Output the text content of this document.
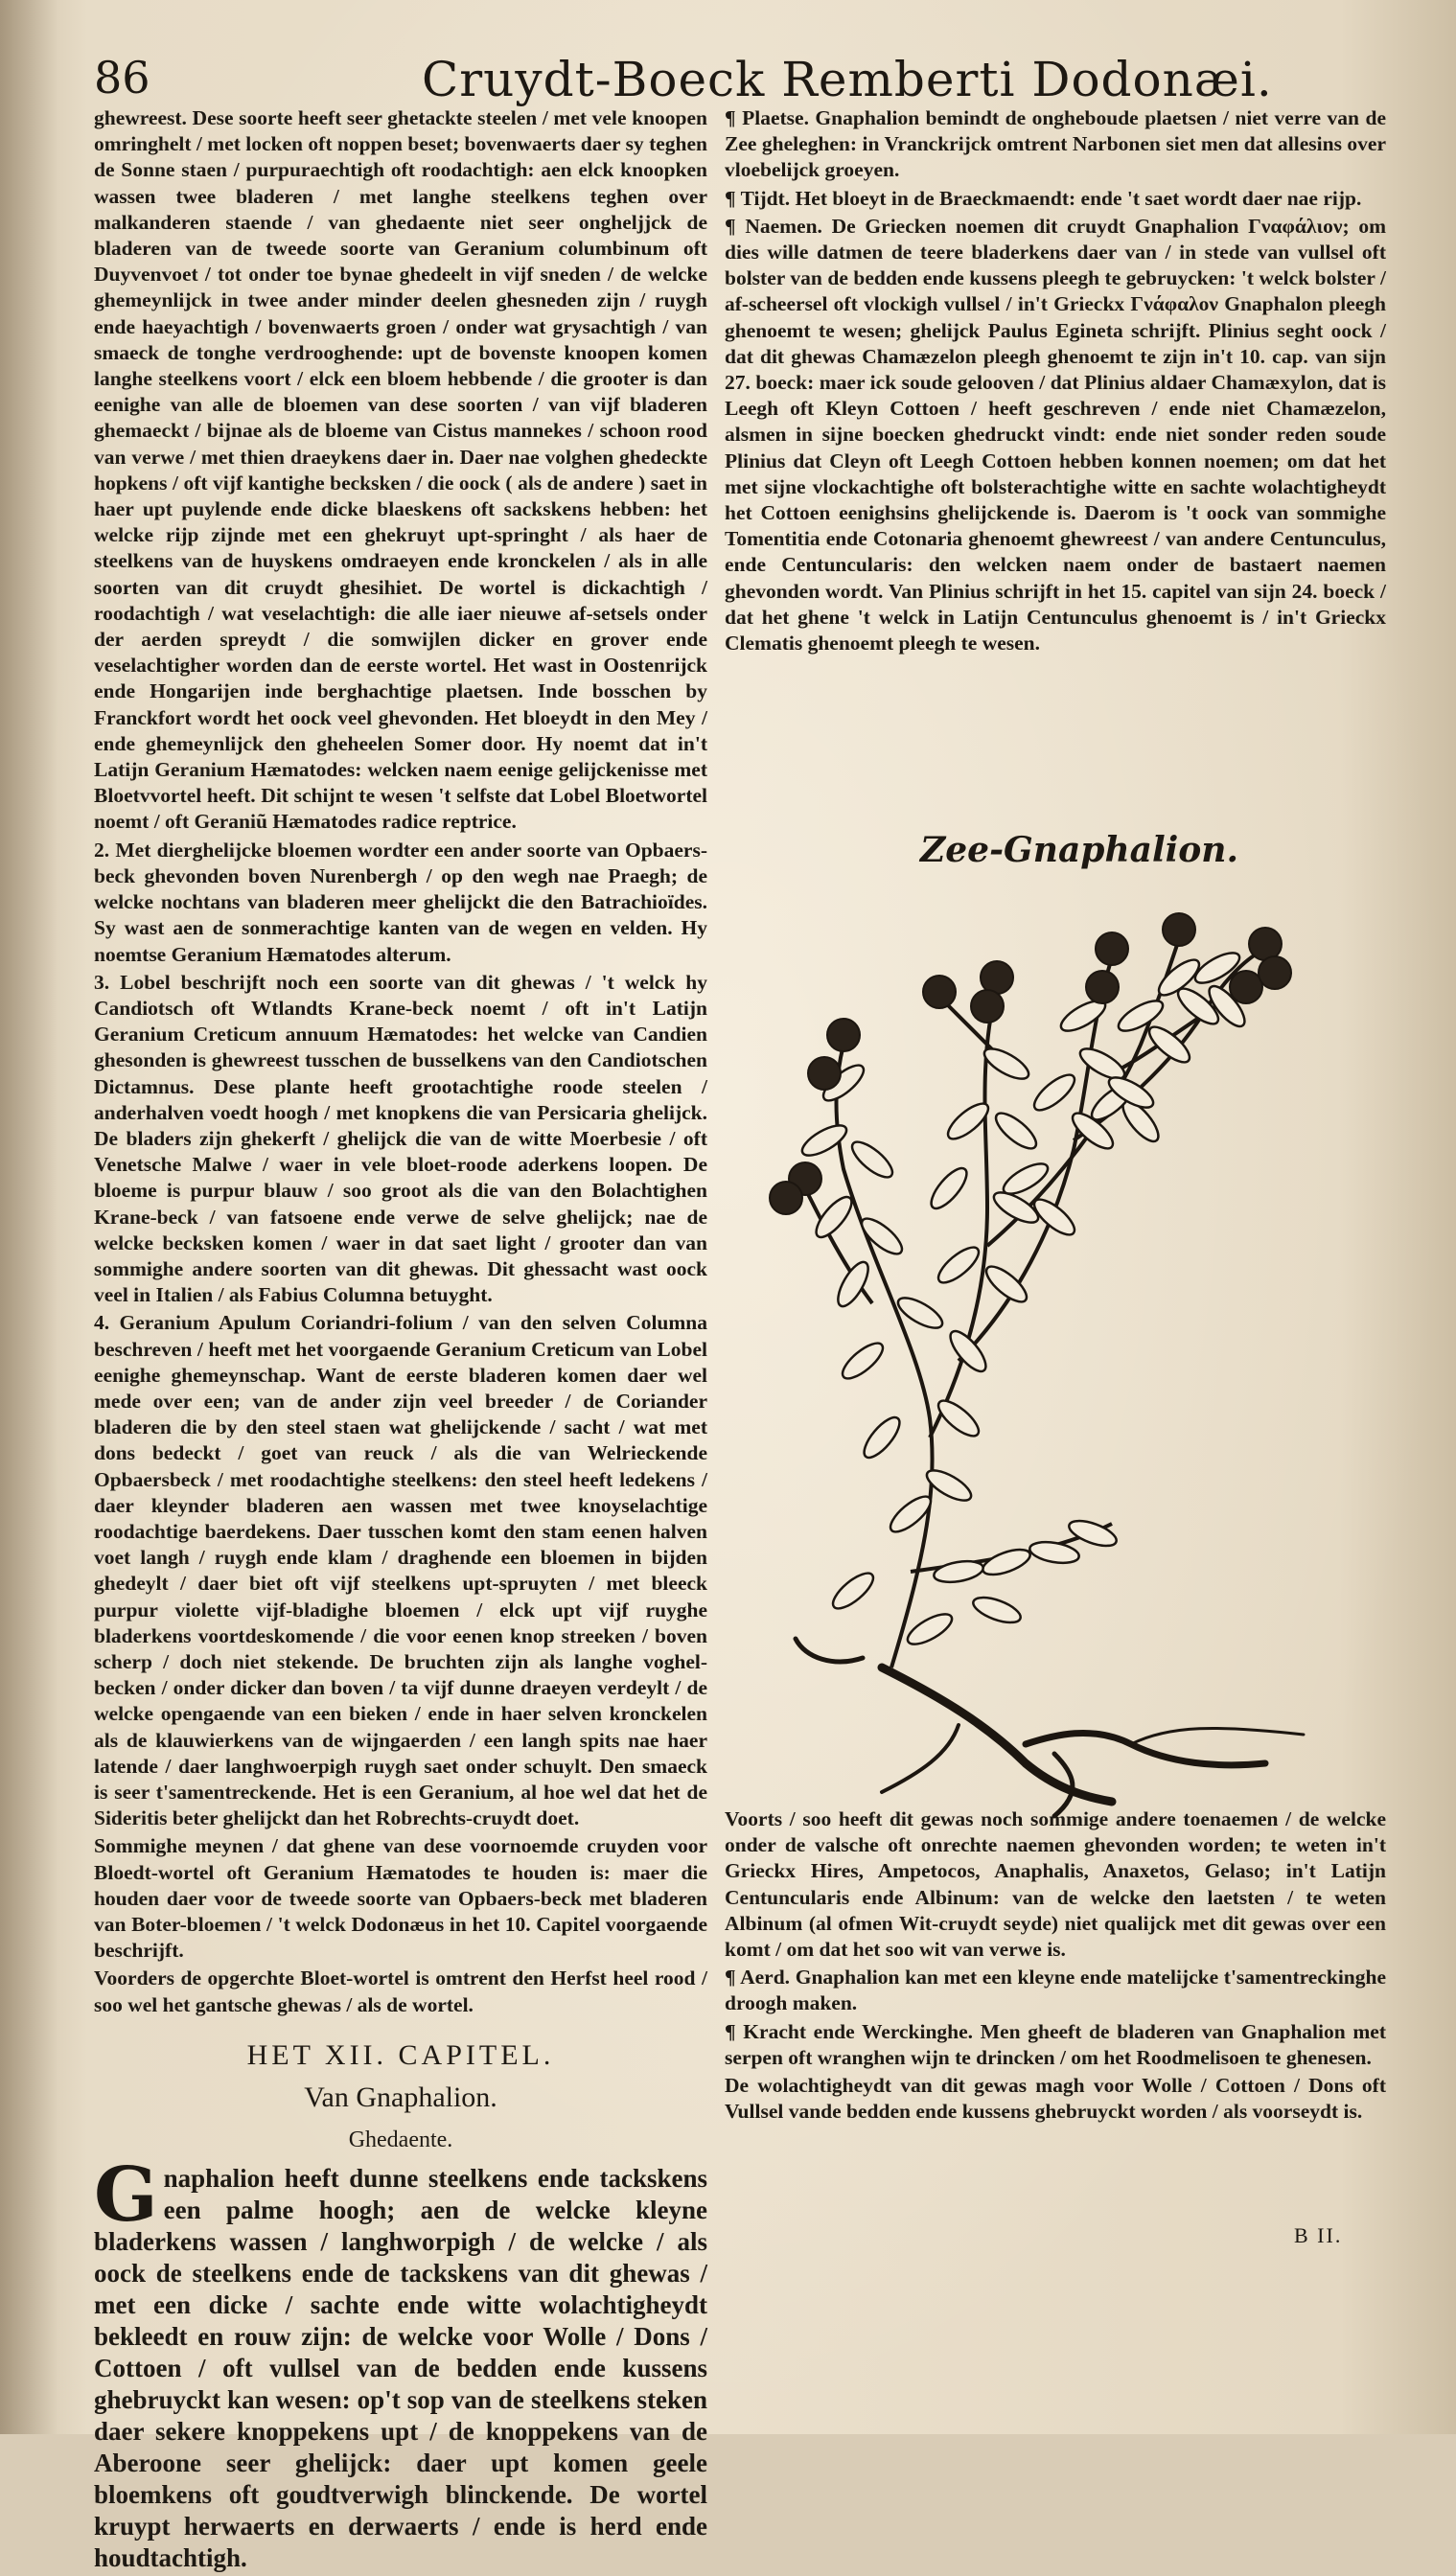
86	Cruydt-Boeck Remberti Dodonæi.

ghewreest. Dese soorte heeft seer ghetackte steelen / met vele knoopen omringhelt / met locken oft noppen beset; bovenwaerts daer sy teghen de Sonne staen / purpuraechtigh oft roodachtigh: aen elck knoopken wassen twee bladeren / met langhe steelkens teghen over malkanderen staende / van ghedaente niet seer ongheljjck de bladeren van de tweede soorte van Geranium columbinum oft Duyvenvoet / tot onder toe bynae ghedeelt in vijf sneden / de welcke ghemeynlijck in twee ander minder deelen ghesneden zijn / ruygh ende haeyachtigh / bovenwaerts groen / onder wat grysachtigh / van smaeck de tonghe verdrooghende: upt de bovenste knoopen komen langhe steelkens voort / elck een bloem hebbende / die grooter is dan eenighe van alle de bloemen van dese soorten / van vijf bladeren ghemaeckt / bijnae als de bloeme van Cistus mannekes / schoon rood van verwe / met thien draeykens daer in. Daer nae volghen ghedeckte hopkens / oft vijf kantighe becksken / die oock ( als de andere ) saet in haer upt puylende ende dicke blaeskens oft sackskens hebben: het welcke rijp zijnde met een ghekruyt upt-springht / als haer de steelkens van de huyskens omdraeyen ende kronckelen / als in alle soorten van dit cruydt ghesihiet. De wortel is dickachtigh / roodachtigh / wat veselachtigh: die alle iaer nieuwe af-setsels onder der aerden spreydt / die somwijlen dicker en grover ende veselachtigher worden dan de eerste wortel. Het wast in Oostenrijck ende Hongarijen inde berghachtige plaetsen. Inde bosschen by Franckfort wordt het oock veel ghevonden. Het bloeydt in den Mey / ende ghemeynlijck den gheheelen Somer door. Hy noemt dat in't Latijn Geranium Hæmatodes: welcken naem eenige gelijckenisse met Bloetvvortel heeft. Dit schijnt te wesen 't selfste dat Lobel Bloetwortel noemt / oft Geraniũ Hæmatodes radice reptrice.

2. Met dierghelijcke bloemen wordter een ander soorte van Opbaers-beck ghevonden boven Nurenbergh / op den wegh nae Praegh; de welcke nochtans van bladeren meer ghelijckt die den Batrachioïdes. Sy wast aen de sonmerachtige kanten van de wegen en velden. Hy noemtse Geranium Hæmatodes alterum.

3. Lobel beschrijft noch een soorte van dit ghewas / 't welck hy Candiotsch oft Wtlandts Krane-beck noemt / oft in't Latijn Geranium Creticum annuum Hæmatodes: het welcke van Candien ghesonden is ghewreest tusschen de busselkens van den Candiotschen Dictamnus. Dese plante heeft grootachtighe roode steelen / anderhalven voedt hoogh / met knopkens die van Persicaria ghelijck. De bladers zijn ghekerft / ghelijck die van de witte Moerbesie / oft Venetsche Malwe / waer in vele bloet-roode aderkens loopen. De bloeme is purpur blauw / soo groot als die van den Bolachtighen Krane-beck / van fatsoene ende verwe de selve ghelijck; nae de welcke becksken komen / waer in dat saet light / grooter dan van sommighe andere soorten van dit ghewas. Dit ghessacht wast oock veel in Italien / als Fabius Columna betuyght.

4. Geranium Apulum Coriandri-folium / van den selven Columna beschreven / heeft met het voorgaende Geranium Creticum van Lobel eenighe ghemeynschap. Want de eerste bladeren komen daer wel mede over een; van de ander zijn veel breeder / de Coriander bladeren die by den steel staen wat ghelijckende / sacht / wat met dons bedeckt / goet van reuck / als die van Welrieckende Opbaersbeck / met roodachtighe steelkens: den steel heeft ledekens / daer kleynder bladeren aen wassen met twee knoyselachtige roodachtige baerdekens. Daer tusschen komt den stam eenen halven voet langh / ruygh ende klam / draghende een bloemen in bijden ghedeylt / daer biet oft vijf steelkens upt-spruyten / met bleeck purpur violette vijf-bladighe bloemen / elck upt vijf ruyghe bladerkens voortdeskomende / die voor eenen knop streeken / boven scherp / doch niet stekende. De bruchten zijn als langhe voghel-becken / onder dicker dan boven / ta vijf dunne draeyen verdeylt / de welcke opengaende van een bieken / ende in haer selven kronckelen als de klauwierkens van de wijngaerden / een langh spits nae haer latende / daer langhwoerpigh ruygh saet onder schuylt. Den smaeck is seer t'samentreckende. Het is een Geranium, al hoe wel dat het de Sideritis beter ghelijckt dan het Robrechts-cruydt doet.

Sommighe meynen / dat ghene van dese voornoemde cruyden voor Bloedt-wortel oft Geranium Hæmatodes te houden is: maer die houden daer voor de tweede soorte van Opbaers-beck met bladeren van Boter-bloemen / 't welck Dodonæus in het 10. Capitel voorgaende beschrijft.

Voorders de opgerchte Bloet-wortel is omtrent den Herfst heel rood / soo wel het gantsche ghewas / als de wortel.

HET XII. CAPITEL.
Van Gnaphalion.
Ghedaente.

Gnaphalion heeft dunne steelkens ende tackskens een palme hoogh; aen de welcke kleyne bladerkens wassen / langhworpigh / de welcke / als oock de steelkens ende de tackskens van dit ghewas / met een dicke / sachte ende witte wolachtigheydt bekleedt en rouw zijn: de welcke voor Wolle / Dons / Cottoen / oft vullsel van de bedden ende kussens ghebruyckt kan wesen: op't sop van de steelkens steken daer sekere knoppekens upt / de knoppekens van de Aberoone seer ghelijck: daer upt komen geele bloemkens oft goudtverwigh blinckende. De wortel kruypt herwaerts en derwaerts / ende is herd ende houdtachtigh.

¶ Plaetse. Gnaphalion bemindt de ongheboude plaetsen / niet verre van de Zee gheleghen: in Vranckrijck omtrent Narbonen siet men dat allesins over vloebelijck groeyen.

¶ Tijdt. Het bloeyt in de Braeckmaendt: ende 't saet wordt daer nae rijp.

¶ Naemen. De Griecken noemen dit cruydt Gnaphalion Γναφάλιον; om dies wille datmen de teere bladerkens daer van / in stede van vullsel oft bolster van de bedden ende kussens pleegh te gebruycken: 't welck bolster / af-scheersel oft vlockigh vullsel / in't Grieckx Γνάφαλον Gnaphalon pleegh ghenoemt te wesen; ghelijck Paulus Egineta schrijft. Plinius seght oock / dat dit ghewas Chamæzelon pleegh ghenoemt te zijn in't 10. cap. van sijn 27. boeck: maer ick soude gelooven / dat Plinius aldaer Chamæxylon, dat is Leegh oft Kleyn Cottoen / heeft geschreven / ende niet Chamæzelon, alsmen in sijne boecken ghedruckt vindt: ende niet sonder reden soude Plinius dat Cleyn oft Leegh Cottoen hebben konnen noemen; om dat het met sijne vlockachtighe oft bolsterachtighe witte en sachte wolachtigheydt het Cottoen eenighsins ghelijckende is. Daerom is 't oock van sommighe Tomentitia ende Cotonaria ghenoemt ghewreest / van andere Centunculus, ende Centuncularis: den welcken naem onder de bastaert naemen ghevonden wordt. Van Plinius schrijft in het 15. capitel van sijn 24. boeck / dat het ghene 't welck in Latijn Centunculus ghenoemt is / in't Grieckx Clematis ghenoemt pleegh te wesen.

Zee-Gnaphalion.

Voorts / soo heeft dit gewas noch sommige andere toenaemen / de welcke onder de valsche oft onrechte naemen ghevonden worden; te weten in't Grieckx Hires, Ampetocos, Anaphalis, Anaxetos, Gelaso; in't Latijn Centuncularis ende Albinum: van de welcke den laetsten / te weten Albinum (al ofmen Wit-cruydt seyde) niet qualijck met dit gewas over een komt / om dat het soo wit van verwe is.

¶ Aerd. Gnaphalion kan met een kleyne ende matelijcke t'samentreckinghe droogh maken.

¶ Kracht ende Werckinghe. Men gheeft de bladeren van Gnaphalion met serpen oft wranghen wijn te drincken / om het Roodmelisoen te ghenesen.

De wolachtigheydt van dit gewas magh voor Wolle / Cottoen / Dons oft Vullsel vande bedden ende kussens ghebruyckt worden / als voorseydt is.

B II.
